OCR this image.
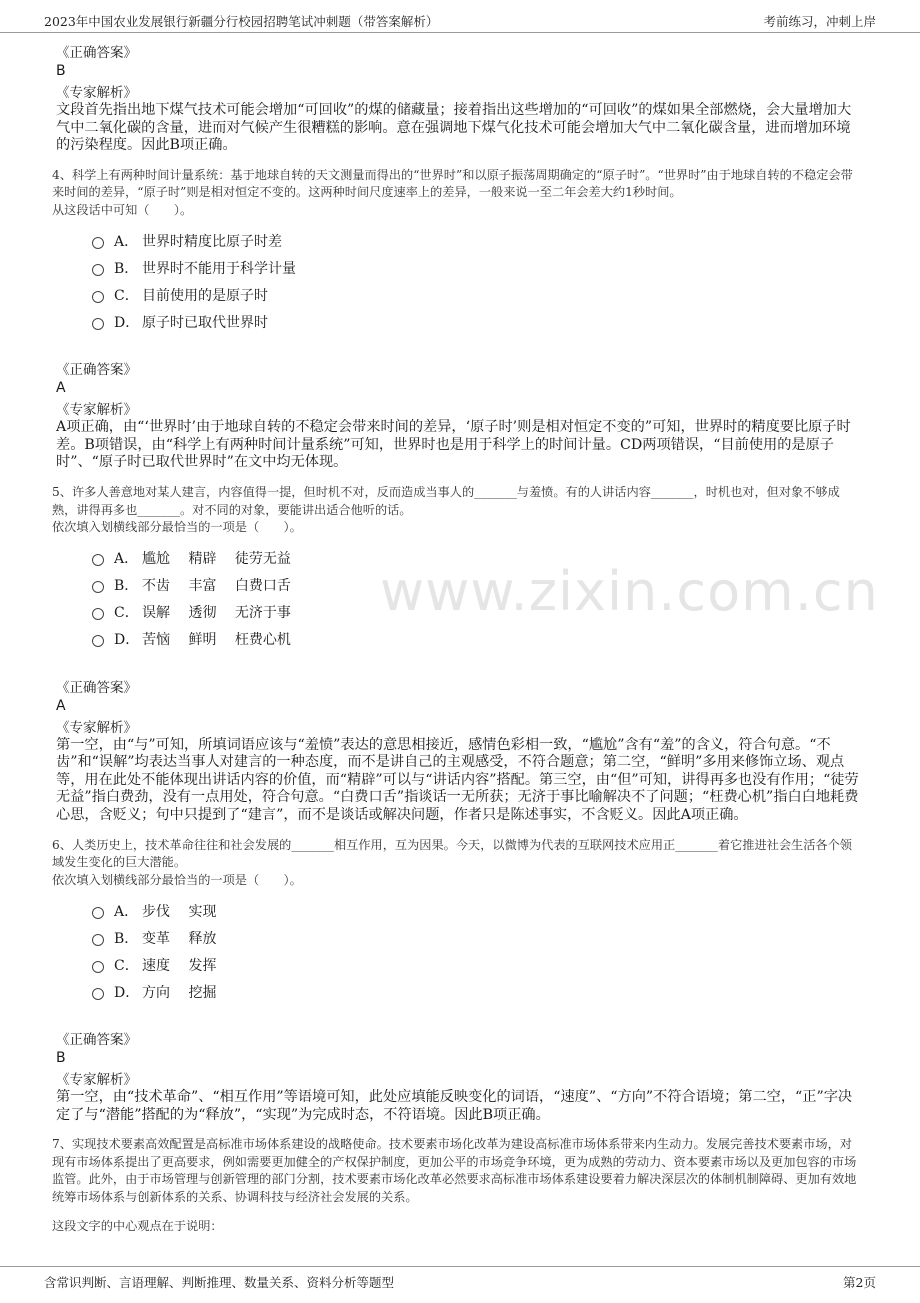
2023年中国农业发展银行新疆分行校园招聘笔试冲刺题（带答案解析）	考前练习，冲刺上岸
www.zixin.com.cn

《正确答案》

B

《专家解析》

文段首先指出地下煤气技术可能会增加“可回收”的煤的储藏量；接着指出这些增加的“可回收”的煤如果全部燃烧，会大量增加大气中二氧化碳的含量，进而对气候产生很糟糕的影响。意在强调地下煤气化技术可能会增加大气中二氧化碳含量，进而增加环境的污染程度。因此B项正确。

4、科学上有两种时间计量系统：基于地球自转的天文测量而得出的“世界时”和以原子振荡周期确定的“原子时”。“世界时”由于地球自转的不稳定会带来时间的差异，“原子时”则是相对恒定不变的。这两种时间尺度速率上的差异，一般来说一至二年会差大约1秒时间。

从这段话中可知（　　）。

A． 世界时精度比原子时差
B． 世界时不能用于科学计量
C． 目前使用的是原子时
D． 原子时已取代世界时

《正确答案》

A

《专家解析》

A项正确，由“‘世界时’由于地球自转的不稳定会带来时间的差异，‘原子时’则是相对恒定不变的”可知，世界时的精度要比原子时差。B项错误，由“科学上有两种时间计量系统”可知，世界时也是用于科学上的时间计量。CD两项错误，“目前使用的是原子时”、“原子时已取代世界时”在文中均无体现。

5、许多人善意地对某人建言，内容值得一提，但时机不对，反而造成当事人的_______与羞愤。有的人讲话内容_______，时机也对，但对象不够成熟，讲得再多也_______。对不同的对象，要能讲出适合他听的话。

依次填入划横线部分最恰当的一项是（　　）。

A． 尴尬　 精辟　 徒劳无益
B． 不齿　 丰富　 白费口舌
C． 误解　 透彻　 无济于事
D． 苦恼　 鲜明　 枉费心机

《正确答案》

A

《专家解析》

第一空，由“与”可知，所填词语应该与“羞愤”表达的意思相接近，感情色彩相一致，“尴尬”含有“羞”的含义，符合句意。“不齿”和“误解”均表达当事人对建言的一种态度，而不是讲自己的主观感受，不符合题意；第二空，“鲜明”多用来修饰立场、观点等，用在此处不能体现出讲话内容的价值，而“精辟”可以与“讲话内容”搭配。第三空，由“但”可知，讲得再多也没有作用；“徒劳无益”指白费劲，没有一点用处，符合句意。“白费口舌”指谈话一无所获；无济于事比喻解决不了问题；“枉费心机”指白白地耗费心思，含贬义；句中只提到了“建言”，而不是谈话或解决问题，作者只是陈述事实，不含贬义。因此A项正确。

6、人类历史上，技术革命往往和社会发展的_______相互作用，互为因果。今天，以微博为代表的互联网技术应用正_______着它推进社会生活各个领域发生变化的巨大潜能。

依次填入划横线部分最恰当的一项是（　　）。

A． 步伐　 实现
B． 变革　 释放
C． 速度　 发挥
D． 方向　 挖掘

《正确答案》

B

《专家解析》

第一空，由“技术革命”、“相互作用”等语境可知，此处应填能反映变化的词语，“速度”、“方向”不符合语境；第二空，“正”字决定了与“潜能”搭配的为“释放”，“实现”为完成时态，不符语境。因此B项正确。

7、实现技术要素高效配置是高标准市场体系建设的战略使命。技术要素市场化改革为建设高标准市场体系带来内生动力。发展完善技术要素市场，对现有市场体系提出了更高要求，例如需要更加健全的产权保护制度，更加公平的市场竞争环境，更为成熟的劳动力、资本要素市场以及更加包容的市场监管。此外，由于市场管理与创新管理的部门分割，技术要素市场化改革必然要求高标准市场体系建设要着力解决深层次的体制机制障碍、更加有效地统筹市场体系与创新体系的关系、协调科技与经济社会发展的关系。

这段文字的中心观点在于说明：

含常识判断、言语理解、判断推理、数量关系、资料分析等题型	第2页
